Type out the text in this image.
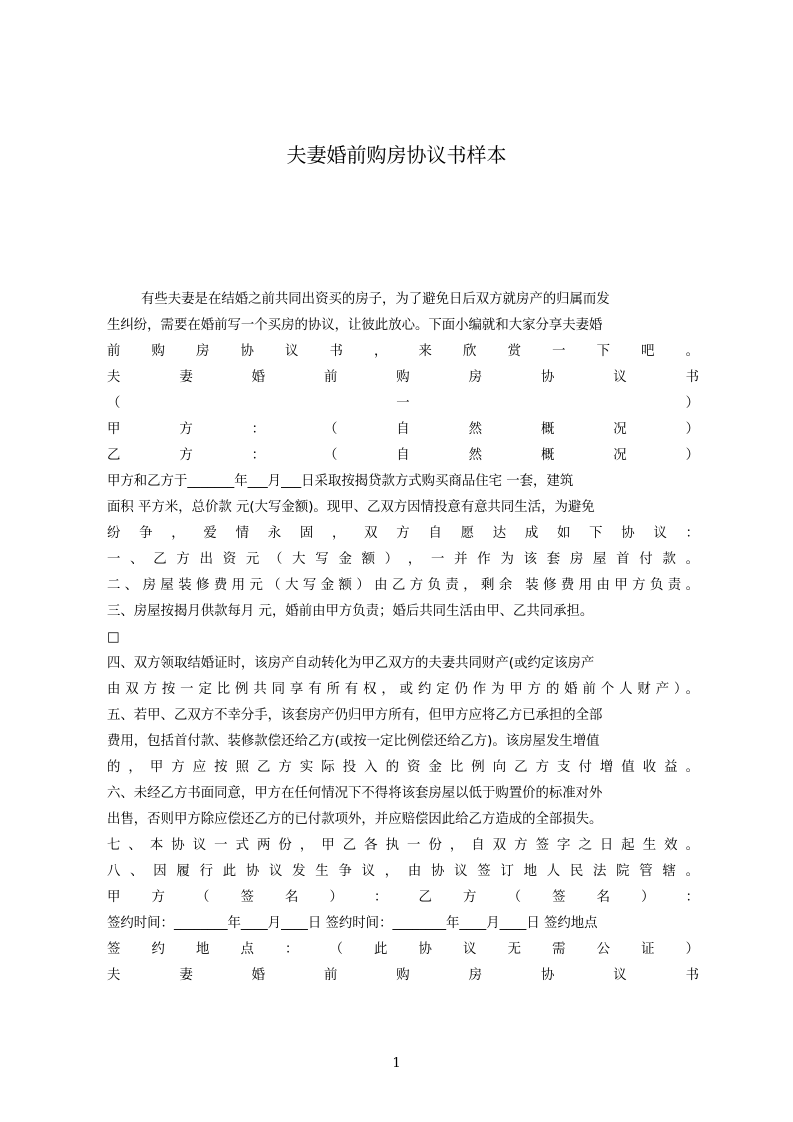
夫妻婚前购房协议书样本
有些夫妻是在结婚之前共同出资买的房子，为了避免日后双方就房产的归属而发
生纠纷，需要在婚前写一个买房的协议，让彼此放心。下面小编就和大家分享夫妻婚
前 购 房 协 议 书 ， 来 欣 赏 一 下 吧 。
夫 妻 婚 前 购 房 协 议 书
（ 一 ）
甲 方 ： （ 自 然 概 况 ）
乙 方 ： （ 自 然 概 况 ）
甲方和乙方于_______年___月___日采取按揭贷款方式购买商品住宅 一套，建筑
面积 平方米，总价款 元(大写金额)。现甲、乙双方因情投意有意共同生活，为避免
纷 争 ， 爱 情 永 固 ， 双 方 自 愿 达 成 如 下 协 议 ：
一 、 乙 方 出 资 元 （ 大 写 金 额 ） ， 一 并 作 为 该 套 房 屋 首 付 款 。
二、房屋装修费用元（大写金额）由乙方负责，剩余 装修费用由甲方负责。
三、房屋按揭月供款每月 元，婚前由甲方负责；婚后共同生活由甲、乙共同承担。
□
四、双方领取结婚证时，该房产自动转化为甲乙双方的夫妻共同财产(或约定该房产
由双方按一定比例共同享有所有权，或约定仍作为甲方的婚前个人财产）。
五、若甲、乙双方不幸分手，该套房产仍归甲方所有，但甲方应将乙方已承担的全部
费用，包括首付款、装修款偿还给乙方(或按一定比例偿还给乙方)。该房屋发生增值
的 ， 甲 方 应 按 照 乙 方 实 际 投 入 的 资 金 比 例 向 乙 方 支 付 增 值 收 益 。
六、未经乙方书面同意，甲方在任何情况下不得将该套房屋以低于购置价的标准对外
出售，否则甲方除应偿还乙方的已付款项外，并应赔偿因此给乙方造成的全部损失。
七 、 本 协 议 一 式 两 份 ， 甲 乙 各 执 一 份 ， 自 双 方 签 字 之 日 起 生 效 。
八 、 因 履 行 此 协 议 发 生 争 议 ， 由 协 议 签 订 地 人 民 法 院 管 辖 。
甲 方 （ 签 名 ） ： 乙 方 （ 签 名 ） ：
签约时间：________年____月____日 签约时间：________年____月____日 签约地点
签 约 地 点 ： （ 此 协 议 无 需 公 证 ）
夫 妻 婚 前 购 房 协 议 书
1
